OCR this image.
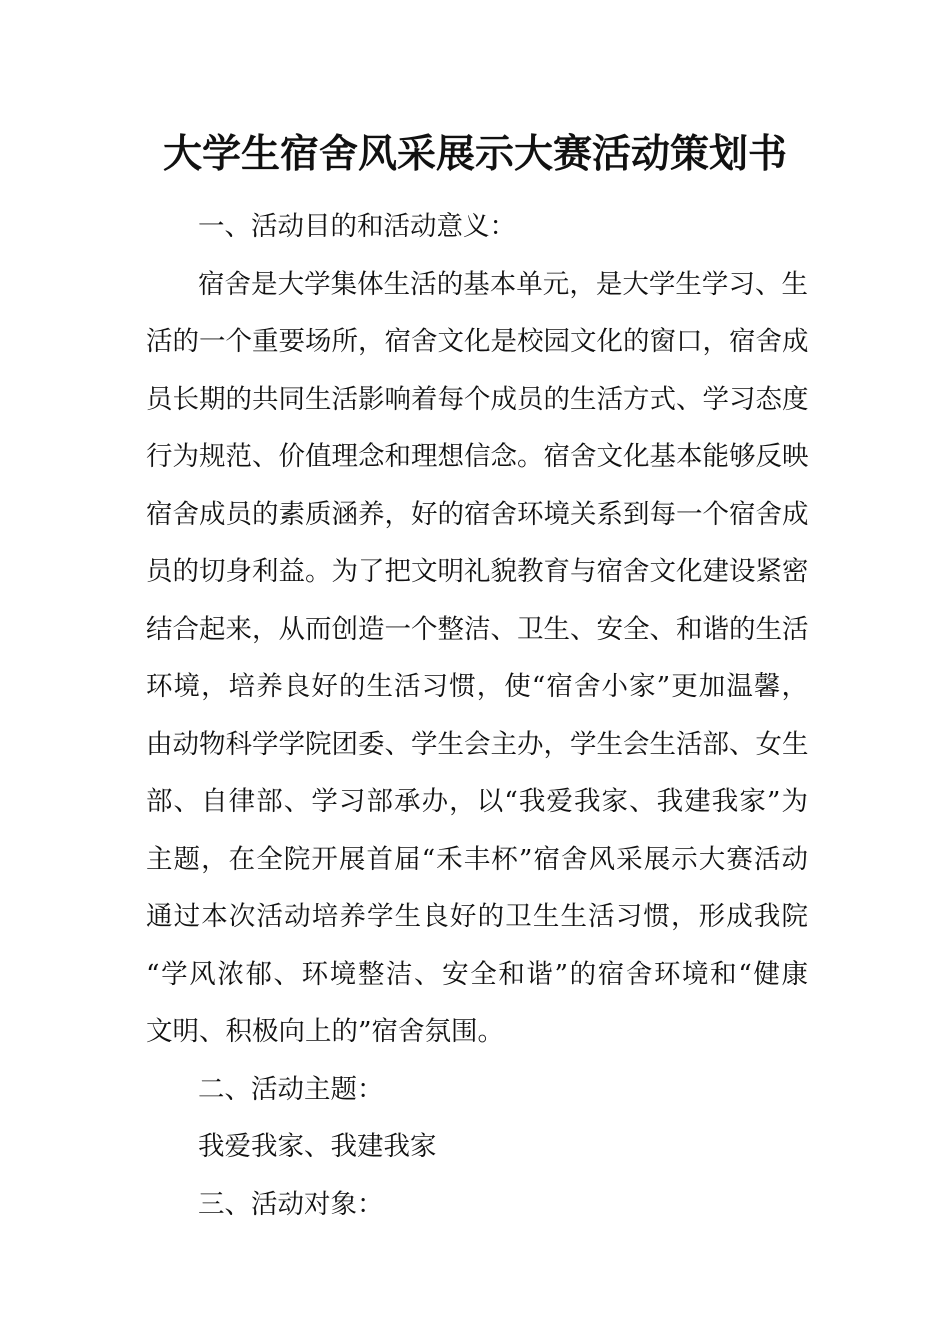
大学生宿舍风采展示大赛活动策划书
一、活动目的和活动意义：
宿舍是大学集体生活的基本单元，是大学生学习、生
活的一个重要场所，宿舍文化是校园文化的窗口，宿舍成
员长期的共同生活影响着每个成员的生活方式、学习态度
行为规范、价值理念和理想信念。宿舍文化基本能够反映
宿舍成员的素质涵养，好的宿舍环境关系到每一个宿舍成
员的切身利益。为了把文明礼貌教育与宿舍文化建设紧密
结合起来，从而创造一个整洁、卫生、安全、和谐的生活
环境，培养良好的生活习惯，使“宿舍小家”更加温馨，
由动物科学学院团委、学生会主办，学生会生活部、女生
部、自律部、学习部承办，以“我爱我家、我建我家”为
主题，在全院开展首届“禾丰杯”宿舍风采展示大赛活动
通过本次活动培养学生良好的卫生生活习惯，形成我院
“学风浓郁、环境整洁、安全和谐”的宿舍环境和“健康
文明、积极向上的”宿舍氛围。
二、活动主题：
我爱我家、我建我家
三、活动对象：
